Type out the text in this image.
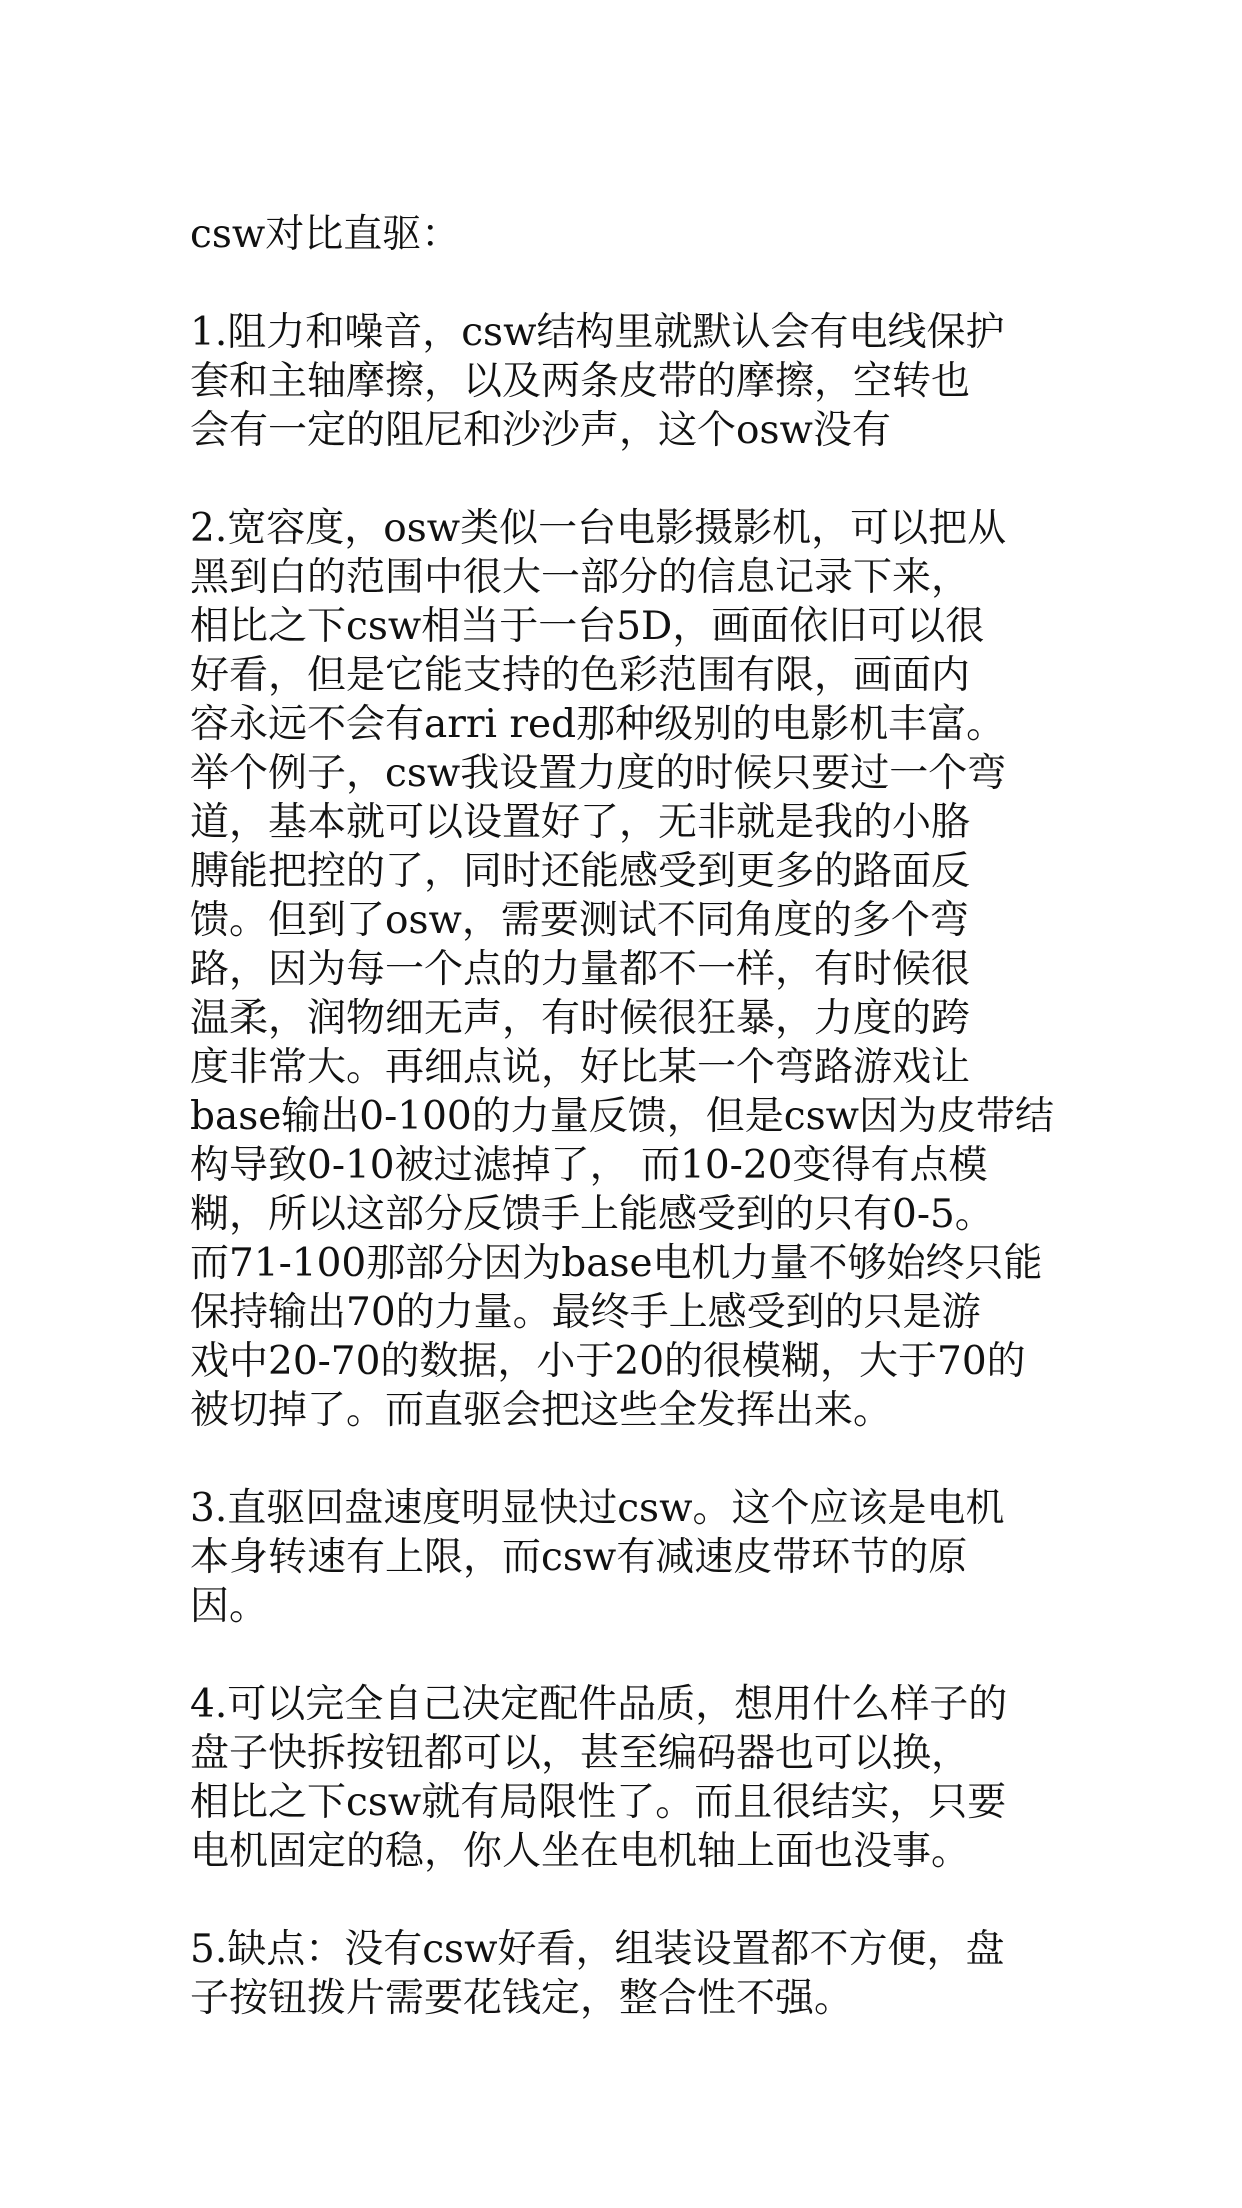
csw对比直驱：
1.阻力和噪音，csw结构里就默认会有电线保护
套和主轴摩擦，以及两条皮带的摩擦，空转也
会有一定的阻尼和沙沙声，这个osw没有
2.宽容度，osw类似一台电影摄影机，可以把从
黑到白的范围中很大一部分的信息记录下来，
相比之下csw相当于一台5D，画面依旧可以很
好看，但是它能支持的色彩范围有限，画面内
容永远不会有arri red那种级别的电影机丰富。
举个例子，csw我设置力度的时候只要过一个弯
道，基本就可以设置好了，无非就是我的小胳
膊能把控的了，同时还能感受到更多的路面反
馈。但到了osw，需要测试不同角度的多个弯
路，因为每一个点的力量都不一样，有时候很
温柔，润物细无声，有时候很狂暴，力度的跨
度非常大。再细点说，好比某一个弯路游戏让
base输出0-100的力量反馈，但是csw因为皮带结
构导致0-10被过滤掉了， 而10-20变得有点模
糊，所以这部分反馈手上能感受到的只有0-5。
而71-100那部分因为base电机力量不够始终只能
保持输出70的力量。最终手上感受到的只是游
戏中20-70的数据，小于20的很模糊，大于70的
被切掉了。而直驱会把这些全发挥出来。
3.直驱回盘速度明显快过csw。这个应该是电机
本身转速有上限，而csw有减速皮带环节的原
因。
4.可以完全自己决定配件品质，想用什么样子的
盘子快拆按钮都可以，甚至编码器也可以换，
相比之下csw就有局限性了。而且很结实，只要
电机固定的稳，你人坐在电机轴上面也没事。
5.缺点：没有csw好看，组装设置都不方便，盘
子按钮拨片需要花钱定，整合性不强。
